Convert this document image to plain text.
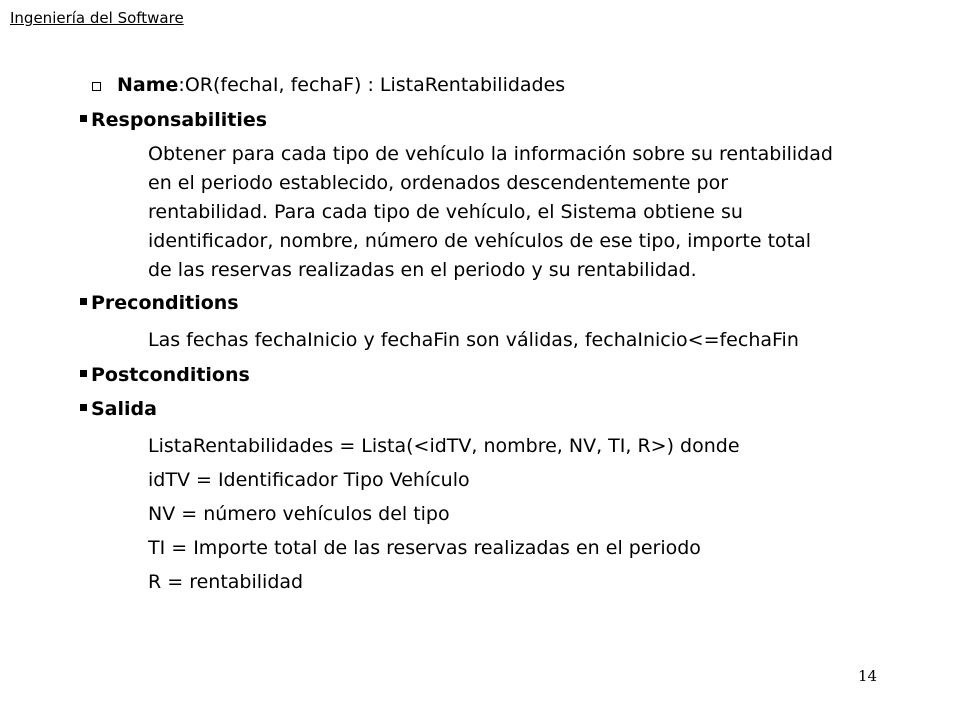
Ingeniería del Software
Name:OR(fechaI, fechaF) : ListaRentabilidades
Responsabilities
Obtener para cada tipo de vehículo la información sobre su rentabilidad
en el periodo establecido, ordenados descendentemente por
rentabilidad. Para cada tipo de vehículo, el Sistema obtiene su
identificador, nombre, número de vehículos de ese tipo, importe total
de las reservas realizadas en el periodo y su rentabilidad.
Preconditions
Las fechas fechaInicio y fechaFin son válidas, fechaInicio<=fechaFin
Postconditions
Salida
ListaRentabilidades = Lista(<idTV, nombre, NV, TI, R>) donde
idTV = Identificador Tipo Vehículo
NV = número vehículos del tipo
TI = Importe total de las reservas realizadas en el periodo
R = rentabilidad
14
